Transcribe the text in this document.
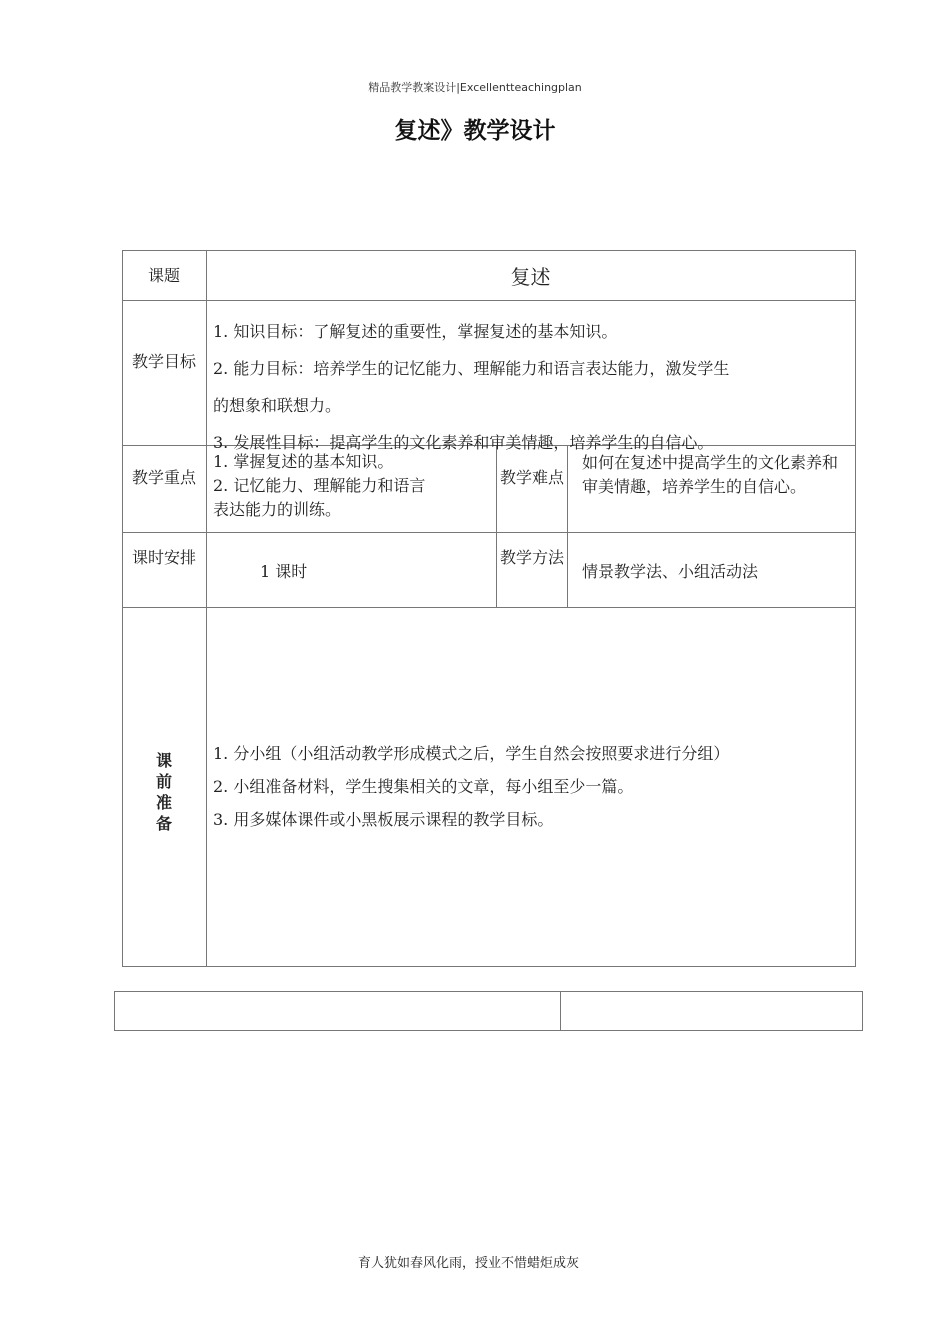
精品教学教案设计|Excellentteachingplan
复述》教学设计
课题	复述
教学目标
1. 知识目标：了解复述的重要性，掌握复述的基本知识。
2. 能力目标：培养学生的记忆能力、理解能力和语言表达能力，激发学生
的想象和联想力。
3. 发展性目标：提高学生的文化素养和审美情趣，培养学生的自信心。
教学重点
1. 掌握复述的基本知识。
2. 记忆能力、理解能力和语言
表达能力的训练。
教学难点
如何在复述中提高学生的文化素养和审美情趣，培养学生的自信心。
课时安排
1 课时
教学方法
情景教学法、小组活动法
课前准备
1. 分小组（小组活动教学形成模式之后，学生自然会按照要求进行分组）
2. 小组准备材料，学生搜集相关的文章，每小组至少一篇。
3. 用多媒体课件或小黑板展示课程的教学目标。
育人犹如春风化雨，授业不惜蜡炬成灰
